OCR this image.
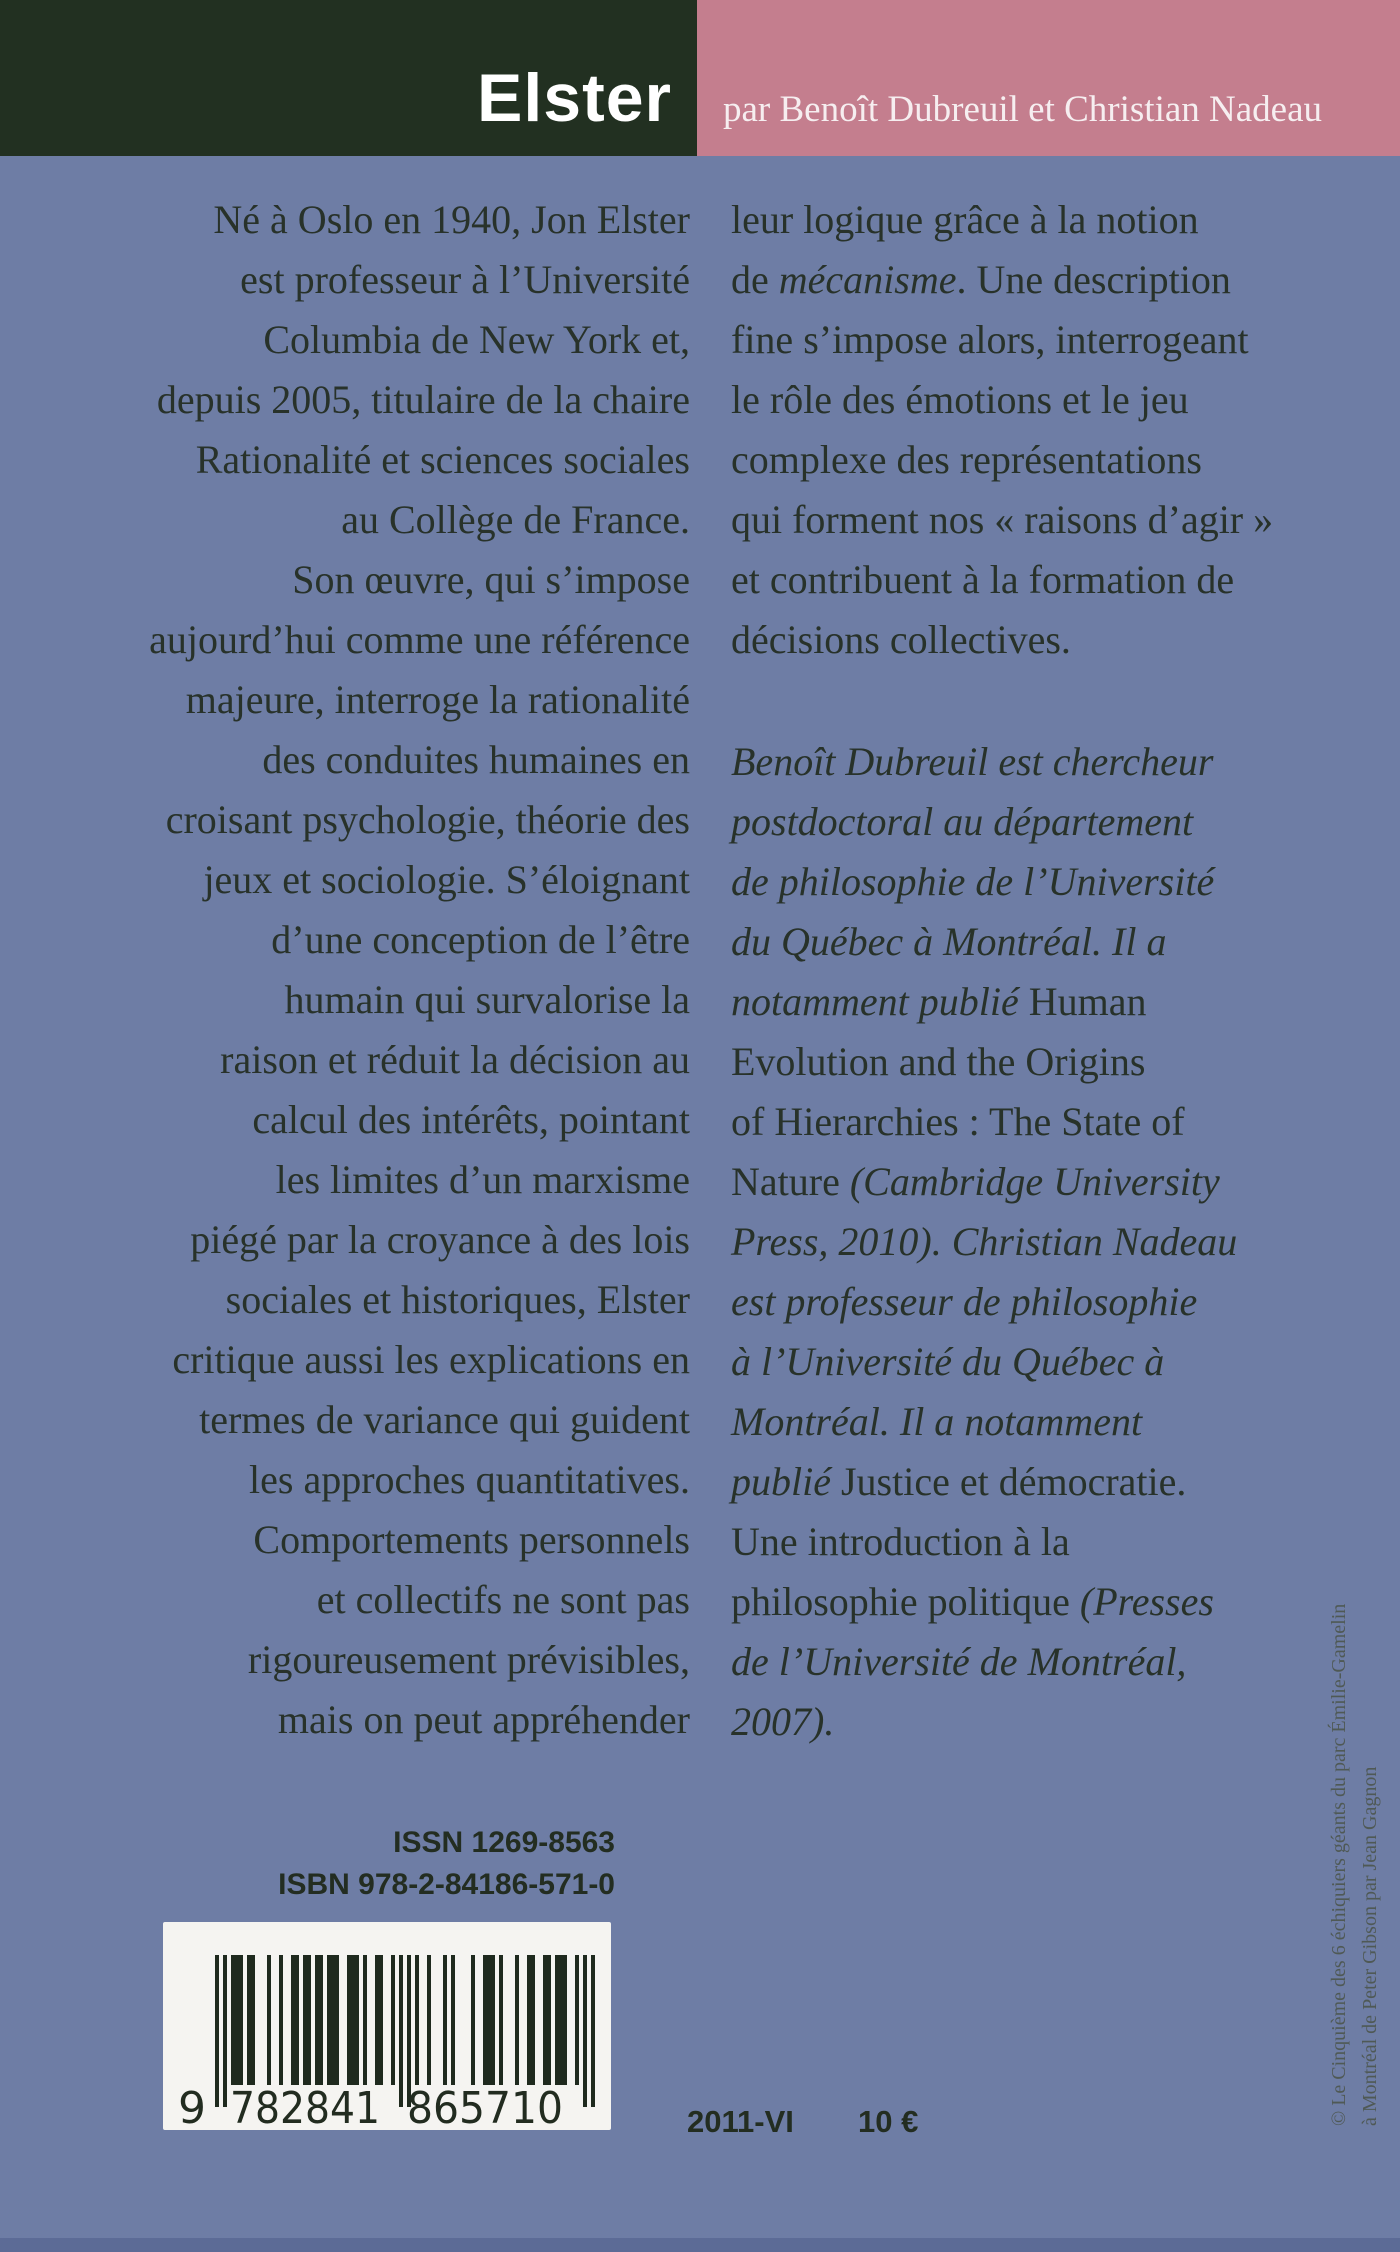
Elster par Benoît Dubreuil et Christian Nadeau
Né à Oslo en 1940, Jon Elster
est professeur à l’Université
Columbia de New York et,
depuis 2005, titulaire de la chaire
Rationalité et sciences sociales
au Collège de France.
Son œuvre, qui s’impose
aujourd’hui comme une référence
majeure, interroge la rationalité
des conduites humaines en
croisant psychologie, théorie des
jeux et sociologie. S’éloignant
d’une conception de l’être
humain qui survalorise la
raison et réduit la décision au
calcul des intérêts, pointant
les limites d’un marxisme
piégé par la croyance à des lois
sociales et historiques, Elster
critique aussi les explications en
termes de variance qui guident
les approches quantitatives.
Comportements personnels
et collectifs ne sont pas
rigoureusement prévisibles,
mais on peut appréhender
leur logique grâce à la notion
de mécanisme. Une description
fine s’impose alors, interrogeant
le rôle des émotions et le jeu
complexe des représentations
qui forment nos « raisons d’agir »
et contribuent à la formation de
décisions collectives.
Benoît Dubreuil est chercheur
postdoctoral au département
de philosophie de l’Université
du Québec à Montréal. Il a
notamment publié Human
Evolution and the Origins
of Hierarchies : The State of
Nature (Cambridge University
Press, 2010). Christian Nadeau
est professeur de philosophie
à l’Université du Québec à
Montréal. Il a notamment
publié Justice et démocratie.
Une introduction à la
philosophie politique (Presses
de l’Université de Montréal,
2007).
ISSN 1269-8563
ISBN 978-2-84186-571-0
9 782841 865710	2011-VI 10 €	© Le Cinquième des 6 échiquiers géants du parc Émilie-Gamelin à Montréal de Peter Gibson par Jean Gagnon
